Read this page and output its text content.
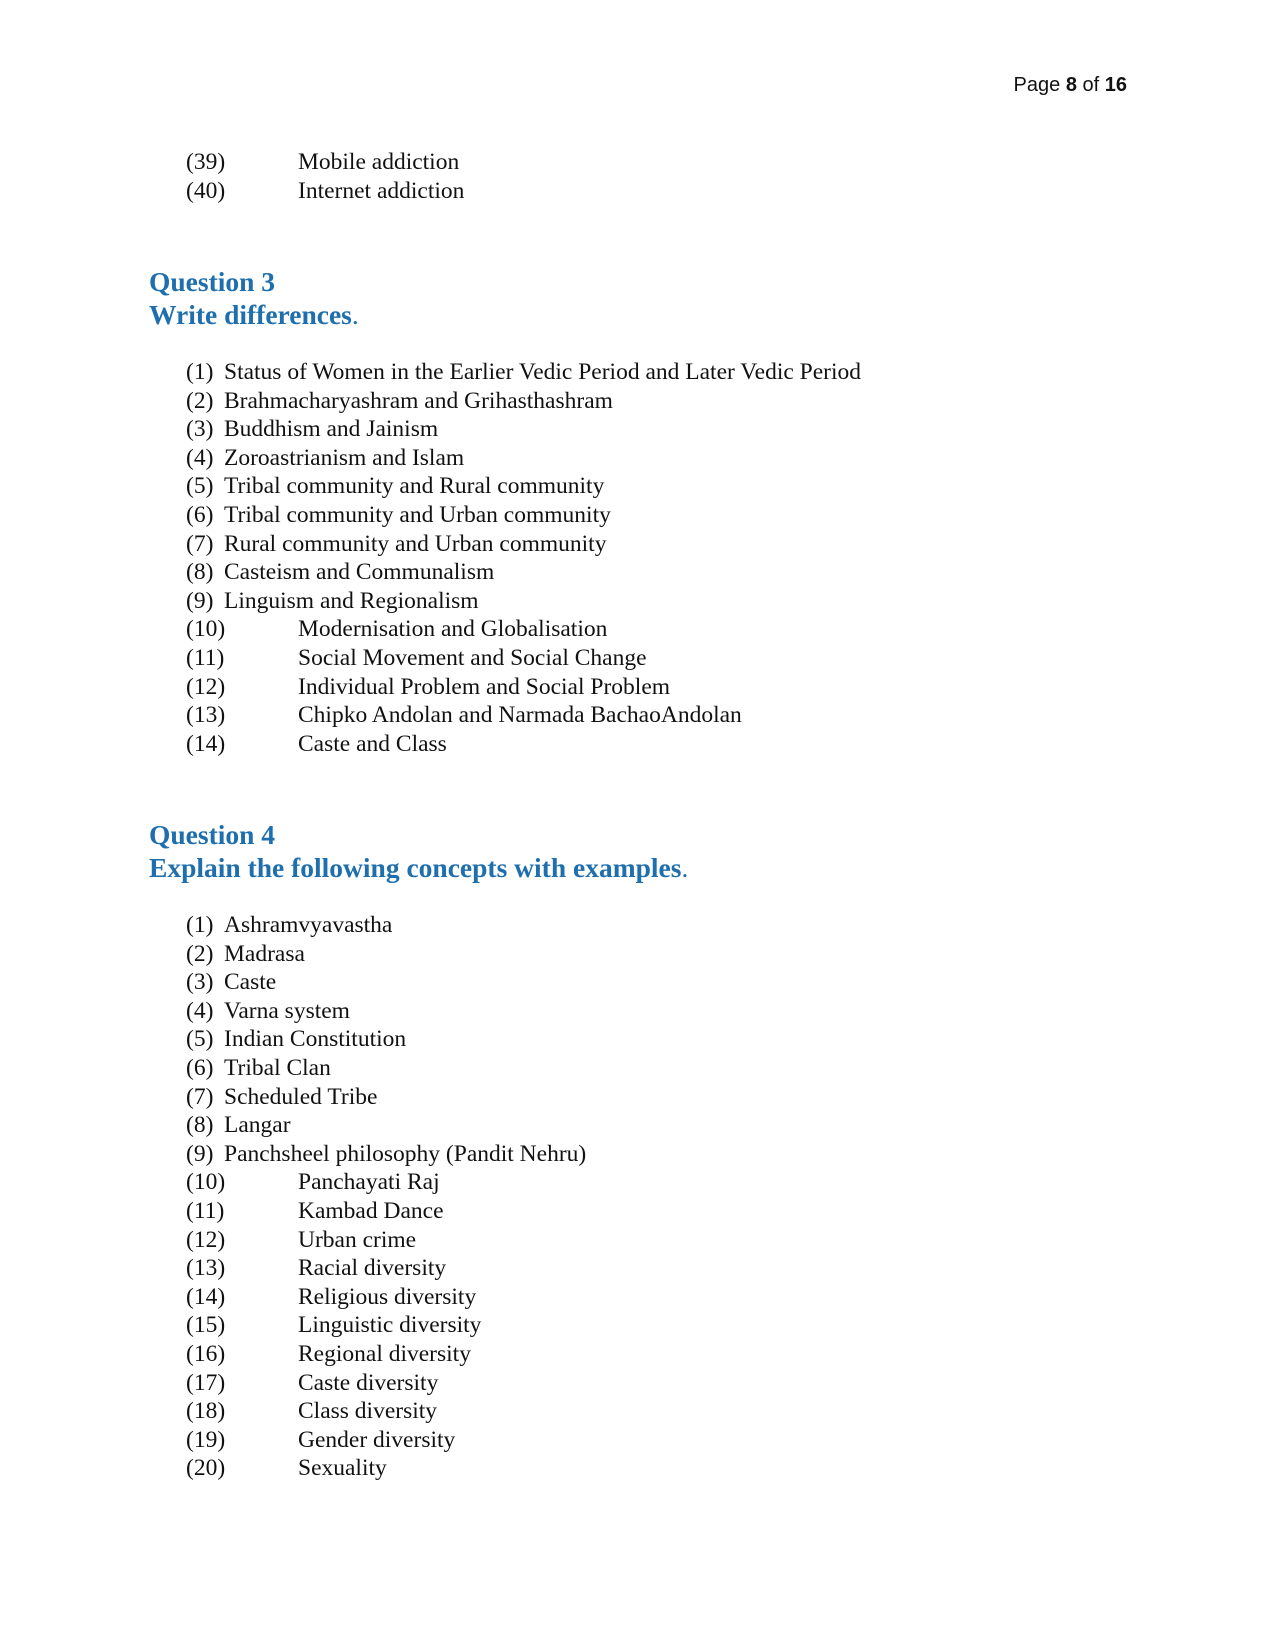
Page 8 of 16
(39)	Mobile addiction
(40)	Internet addiction
Question 3
Write differences.
(1) Status of Women in the Earlier Vedic Period and Later Vedic Period
(2) Brahmacharyashram and Grihasthashram
(3) Buddhism and Jainism
(4) Zoroastrianism and Islam
(5) Tribal community and Rural community
(6) Tribal community and Urban community
(7) Rural community and Urban community
(8) Casteism and Communalism
(9) Linguism and Regionalism
(10)	Modernisation and Globalisation
(11)	Social Movement and Social Change
(12)	Individual Problem and Social Problem
(13)	Chipko Andolan and Narmada BachaoAndolan
(14)	Caste and Class
Question 4
Explain the following concepts with examples.
(1) Ashramvyavastha
(2) Madrasa
(3) Caste
(4) Varna system
(5) Indian Constitution
(6) Tribal Clan
(7) Scheduled Tribe
(8) Langar
(9) Panchsheel philosophy (Pandit Nehru)
(10)	Panchayati Raj
(11)	Kambad Dance
(12)	Urban crime
(13)	Racial diversity
(14)	Religious diversity
(15)	Linguistic diversity
(16)	Regional diversity
(17)	Caste diversity
(18)	Class diversity
(19)	Gender diversity
(20)	Sexuality
